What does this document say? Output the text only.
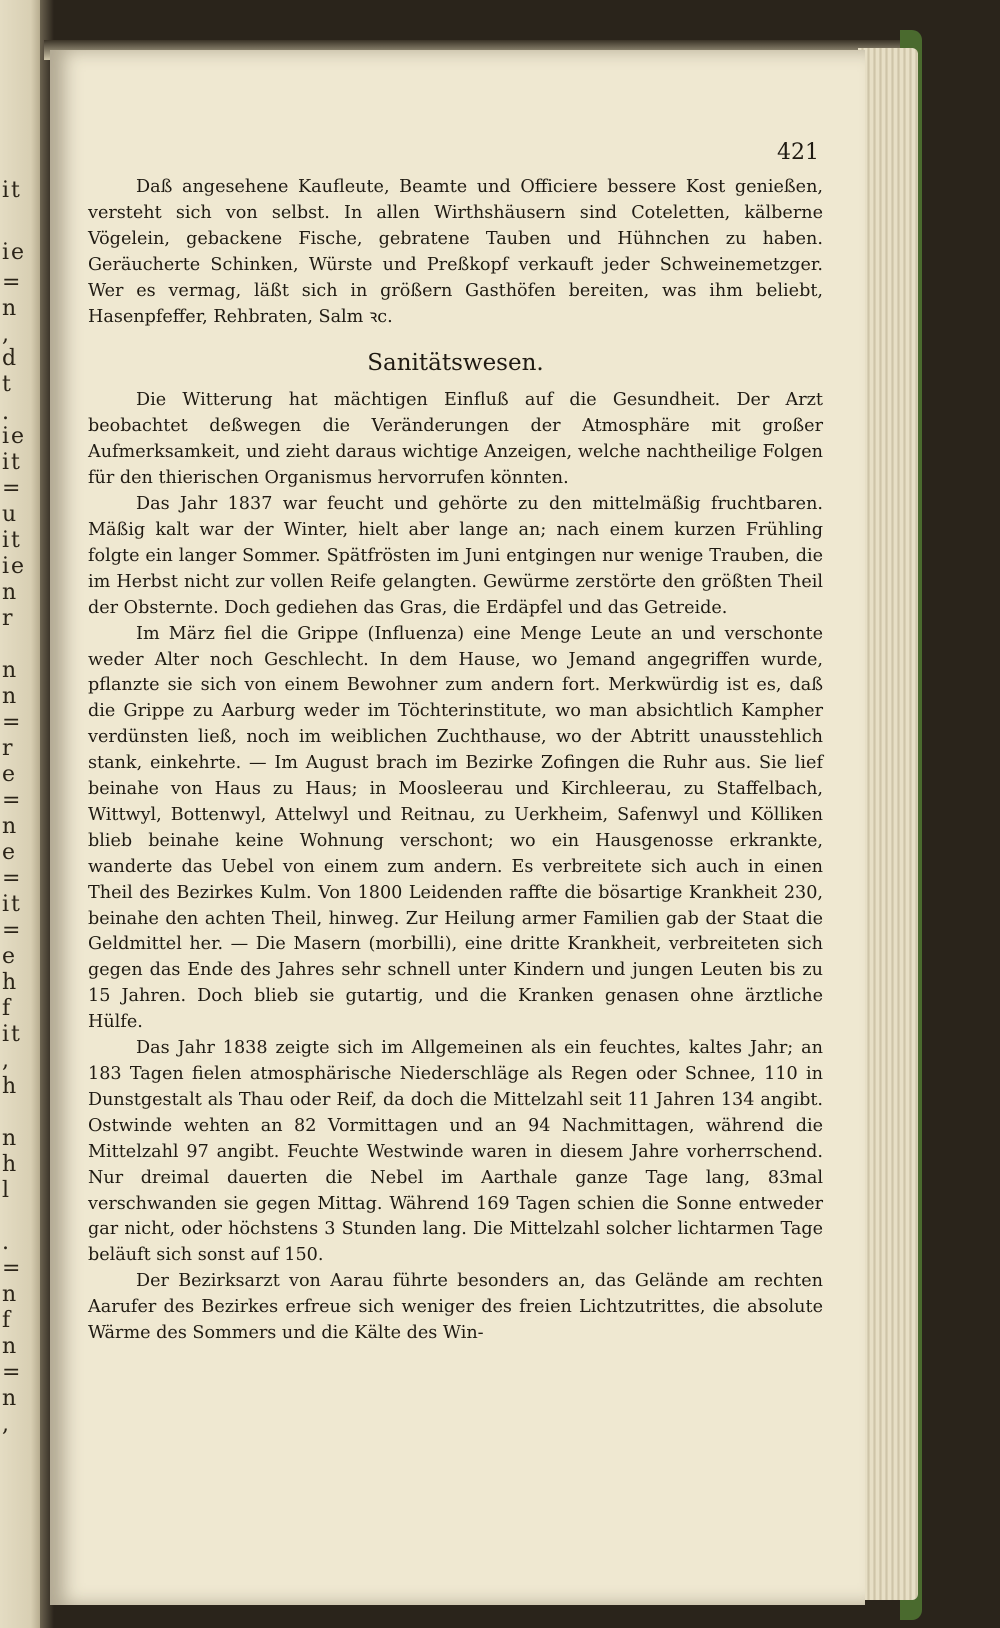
it
ie
=
n
,
d
t
.
ie
it
=
u
it
ie
n
r
n
n
=
r
e
=
n
e
=
it
=
e
h
f
it
,
h
n
h
l
.
=
n
f
n
=
n
,
421

Daß angesehene Kaufleute, Beamte und Officiere bessere Kost genießen, versteht sich von selbst. In allen Wirthshäusern sind Coteletten, kälberne Vögelein, gebackene Fische, gebratene Tauben und Hühnchen zu haben. Geräucherte Schinken, Würste und Preßkopf verkauft jeder Schweinemetzger. Wer es vermag, läßt sich in größern Gasthöfen bereiten, was ihm beliebt, Hasenpfeffer, Rehbraten, Salm ꝛc.

Sanitätswesen.

Die Witterung hat mächtigen Einfluß auf die Gesundheit. Der Arzt beobachtet deßwegen die Veränderungen der Atmosphäre mit großer Aufmerksamkeit, und zieht daraus wichtige Anzeigen, welche nachtheilige Folgen für den thierischen Organismus hervorrufen könnten.

Das Jahr 1837 war feucht und gehörte zu den mittelmäßig fruchtbaren. Mäßig kalt war der Winter, hielt aber lange an; nach einem kurzen Frühling folgte ein langer Sommer. Spätfrösten im Juni entgingen nur wenige Trauben, die im Herbst nicht zur vollen Reife gelangten. Gewürme zerstörte den größten Theil der Obsternte. Doch gediehen das Gras, die Erdäpfel und das Getreide.

Im März fiel die Grippe (Influenza) eine Menge Leute an und verschonte weder Alter noch Geschlecht. In dem Hause, wo Jemand angegriffen wurde, pflanzte sie sich von einem Bewohner zum andern fort. Merkwürdig ist es, daß die Grippe zu Aarburg weder im Töchterinstitute, wo man absichtlich Kampher verdünsten ließ, noch im weiblichen Zuchthause, wo der Abtritt unausstehlich stank, einkehrte. — Im August brach im Bezirke Zofingen die Ruhr aus. Sie lief beinahe von Haus zu Haus; in Moosleerau und Kirchleerau, zu Staffelbach, Wittwyl, Bottenwyl, Attelwyl und Reitnau, zu Uerkheim, Safenwyl und Kölliken blieb beinahe keine Wohnung verschont; wo ein Hausgenosse erkrankte, wanderte das Uebel von einem zum andern. Es verbreitete sich auch in einen Theil des Bezirkes Kulm. Von 1800 Leidenden raffte die bösartige Krankheit 230, beinahe den achten Theil, hinweg. Zur Heilung armer Familien gab der Staat die Geldmittel her. — Die Masern (morbilli), eine dritte Krankheit, verbreiteten sich gegen das Ende des Jahres sehr schnell unter Kindern und jungen Leuten bis zu 15 Jahren. Doch blieb sie gutartig, und die Kranken genasen ohne ärztliche Hülfe.

Das Jahr 1838 zeigte sich im Allgemeinen als ein feuchtes, kaltes Jahr; an 183 Tagen fielen atmosphärische Niederschläge als Regen oder Schnee, 110 in Dunstgestalt als Thau oder Reif, da doch die Mittelzahl seit 11 Jahren 134 angibt. Ostwinde wehten an 82 Vormittagen und an 94 Nachmittagen, während die Mittelzahl 97 angibt. Feuchte Westwinde waren in diesem Jahre vorherrschend. Nur dreimal dauerten die Nebel im Aarthale ganze Tage lang, 83mal verschwanden sie gegen Mittag. Während 169 Tagen schien die Sonne entweder gar nicht, oder höchstens 3 Stunden lang. Die Mittelzahl solcher lichtarmen Tage beläuft sich sonst auf 150.

Der Bezirksarzt von Aarau führte besonders an, das Gelände am rechten Aarufer des Bezirkes erfreue sich weniger des freien Lichtzutrittes, die absolute Wärme des Sommers und die Kälte des Win-
